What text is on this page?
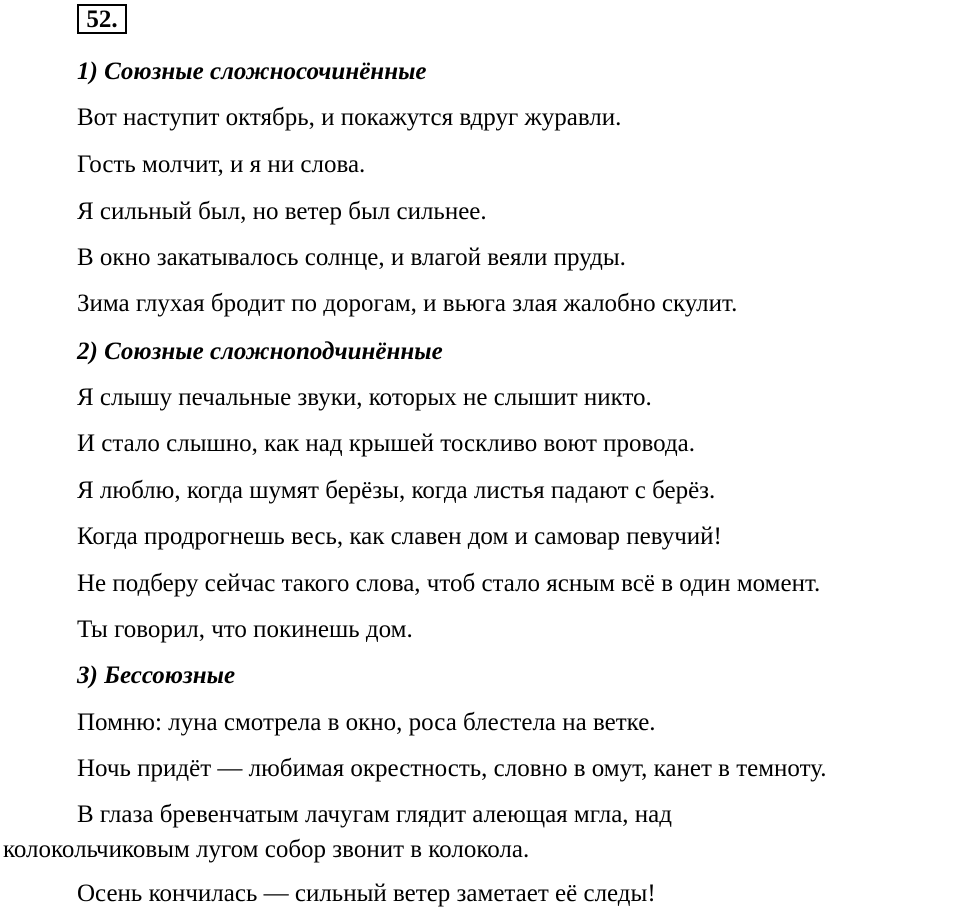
52.
1) Союзные сложносочинённые
Вот наступит октябрь, и покажутся вдруг журавли.
Гость молчит, и я ни слова.
Я сильный был, но ветер был сильнее.
В окно закатывалось солнце, и влагой веяли пруды.
Зима глухая бродит по дорогам, и вьюга злая жалобно скулит.
2) Союзные сложноподчинённые
Я слышу печальные звуки, которых не слышит никто.
И стало слышно, как над крышей тоскливо воют провода.
Я люблю, когда шумят берёзы, когда листья падают с берёз.
Когда продрогнешь весь, как славен дом и самовар певучий!
Не подберу сейчас такого слова, чтоб стало ясным всё в один момент.
Ты говорил, что покинешь дом.
3) Бессоюзные
Помню: луна смотрела в окно, роса блестела на ветке.
Ночь придёт — любимая окрестность, словно в омут, канет в темноту.
В глаза бревенчатым лачугам глядит алеющая мгла, над
колокольчиковым лугом собор звонит в колокола.
Осень кончилась — сильный ветер заметает её следы!
